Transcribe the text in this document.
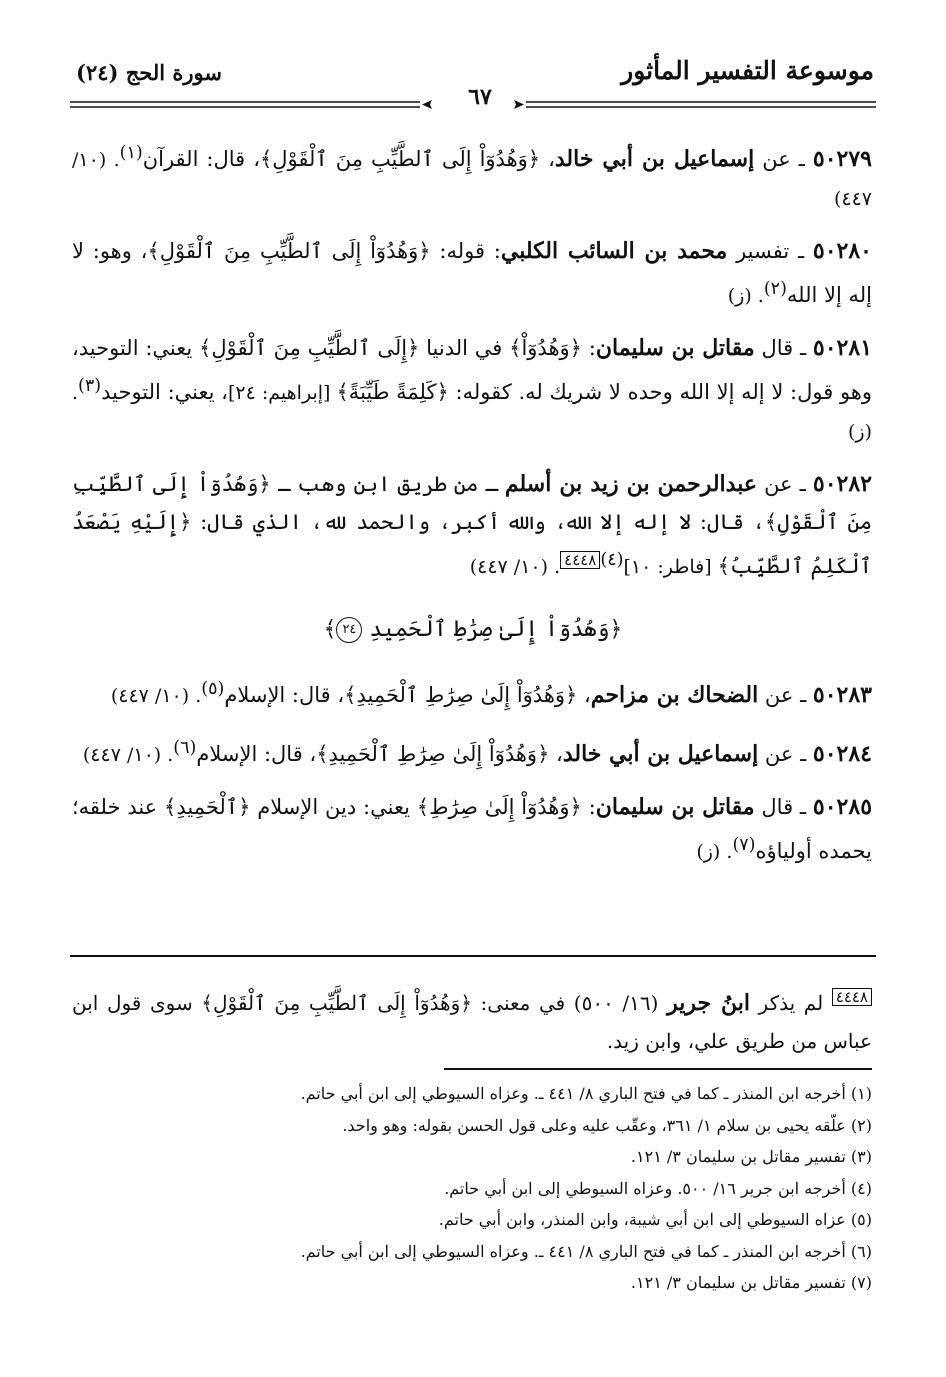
موسوعة التفسير المأثور
سورة الحج (٢٤)
٦٧

٥٠٢٧٩ ـ عن إسماعيل بن أبي خالد، ﴿وَهُدُوٓاْ إِلَى ٱلطَّيِّبِ مِنَ ٱلْقَوْلِ﴾، قال: القرآن$^{(١)}$. (١٠/ ٤٤٧)

٥٠٢٨٠ ـ تفسير محمد بن السائب الكلبي: قوله: ﴿وَهُدُوٓاْ إِلَى ٱلطَّيِّبِ مِنَ ٱلْقَوْلِ﴾، وهو: لا إله إلا الله$^{(٢)}$. (ز)

٥٠٢٨١ ـ قال مقاتل بن سليمان: ﴿وَهُدُوٓاْ﴾ في الدنيا ﴿إِلَى ٱلطَّيِّبِ مِنَ ٱلْقَوْلِ﴾ يعني: التوحيد، وهو قول: لا إله إلا الله وحده لا شريك له. كقوله: ﴿كَلِمَةً طَيِّبَةً﴾ [إبراهيم: ٢٤]، يعني: التوحيد$^{(٣)}$. (ز)

٥٠٢٨٢ ـ عن عبدالرحمن بن زيد بن أسلم ـ من طريق ابن وهب ـ ﴿وَهُدُوٓاْ إِلَى ٱلطَّيِّبِ مِنَ ٱلْقَوْلِ﴾، قال: لا إله إلا الله، والله أكبر، والحمد لله، الذي قال: ﴿إِلَيْهِ يَصْعَدُ ٱلْكَلِمُ ٱلطَّيِّبُ﴾ [فاطر: ١٠]$^{(٤)}$٤٤٤٨. (١٠/ ٤٤٧)

﴿وَهُدُوٓاْ إِلَىٰ صِرَٰطِ ٱلْحَمِيدِ ٢٤﴾

٥٠٢٨٣ ـ عن الضحاك بن مزاحم، ﴿وَهُدُوٓاْ إِلَىٰ صِرَٰطِ ٱلْحَمِيدِ﴾، قال: الإسلام$^{(٥)}$. (١٠/ ٤٤٧)

٥٠٢٨٤ ـ عن إسماعيل بن أبي خالد، ﴿وَهُدُوٓاْ إِلَىٰ صِرَٰطِ ٱلْحَمِيدِ﴾، قال: الإسلام$^{(٦)}$. (١٠/ ٤٤٧)

٥٠٢٨٥ ـ قال مقاتل بن سليمان: ﴿وَهُدُوٓاْ إِلَىٰ صِرَٰطِ﴾ يعني: دين الإسلام ﴿ٱلْحَمِيدِ﴾ عند خلقه؛ يحمده أولياؤه$^{(٧)}$. (ز)

٤٤٤٨ لم يذكر ابنُ جرير (١٦/ ٥٠٠) في معنى: ﴿وَهُدُوٓاْ إِلَى ٱلطَّيِّبِ مِنَ ٱلْقَوْلِ﴾ سوى قول ابن عباس من طريق علي، وابن زيد.

(١) أخرجه ابن المنذر ـ كما في فتح الباري ٨/ ٤٤١ ـ. وعزاه السيوطي إلى ابن أبي حاتم.
(٢) علّقه يحيى بن سلام ١/ ٣٦١، وعقّب عليه وعلى قول الحسن بقوله: وهو واحد.
(٣) تفسير مقاتل بن سليمان ٣/ ١٢١.
(٤) أخرجه ابن جرير ١٦/ ٥٠٠. وعزاه السيوطي إلى ابن أبي حاتم.
(٥) عزاه السيوطي إلى ابن أبي شيبة، وابن المنذر، وابن أبي حاتم.
(٦) أخرجه ابن المنذر ـ كما في فتح الباري ٨/ ٤٤١ ـ. وعزاه السيوطي إلى ابن أبي حاتم.
(٧) تفسير مقاتل بن سليمان ٣/ ١٢١.
